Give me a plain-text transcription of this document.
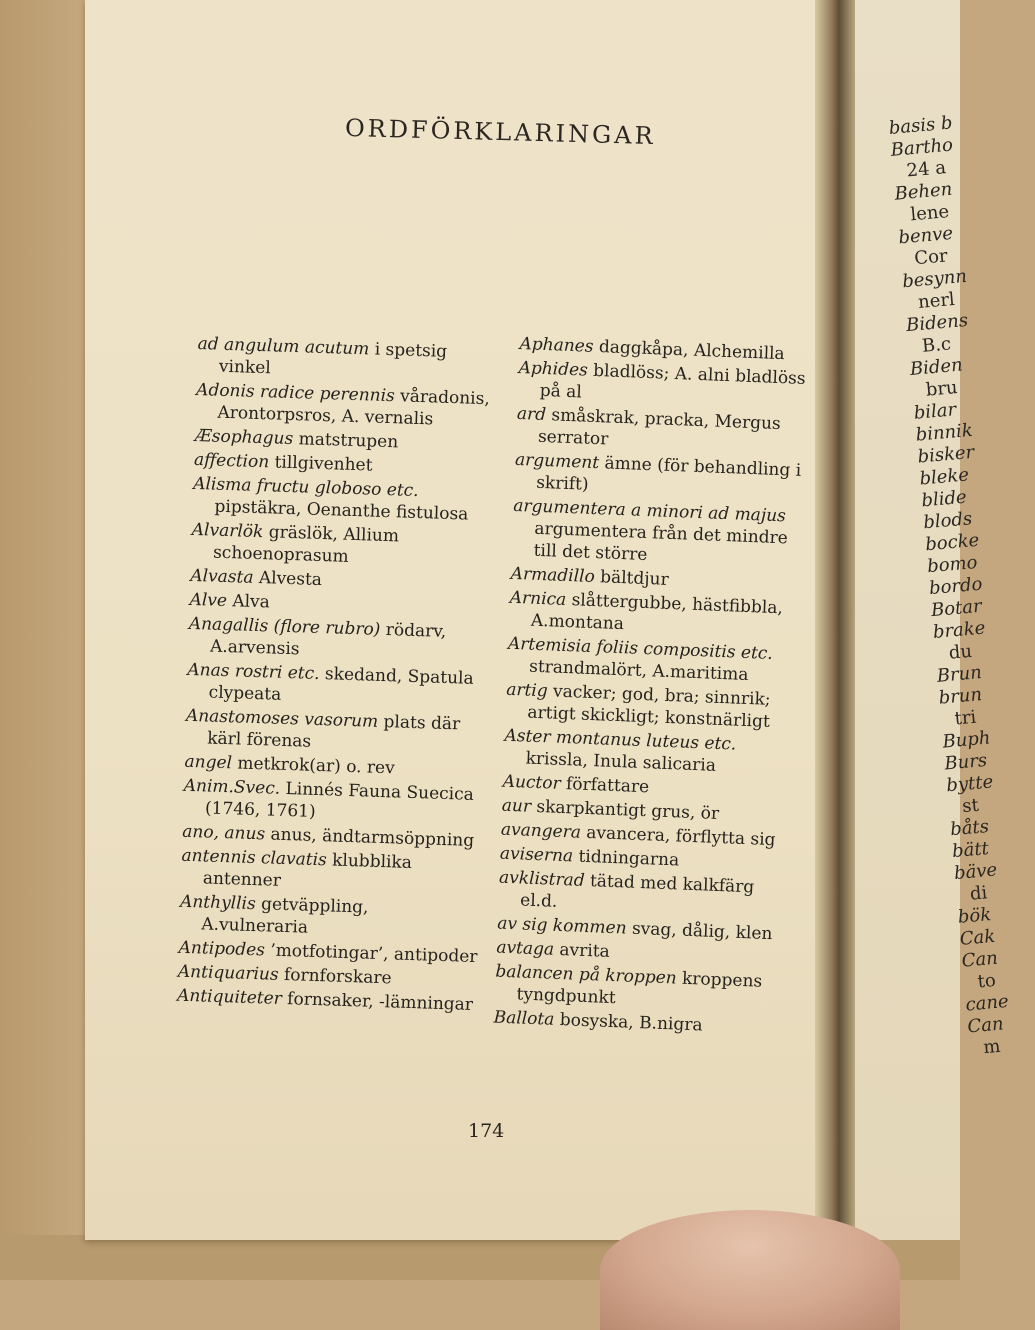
basis b

Bartho

24 a

Behen

lene

benve

Cor

besynn

nerl

Bidens

B.c

Biden

bru

bilar

binnik

bisker

bleke

blide

blods

bocke

bomo

bordo

Botar

brake

du

Brun

brun

tri

Buph

Burs

bytte

st

båts

bätt

bäve

di

bök

Cak

Can

to

cane

Can

m

ORDFÖRKLARINGAR

ad angulum acutum i spetsig vinkel

Adonis radice perennis våradonis, Arontorpsros, A. vernalis

Æsophagus matstrupen

affection tillgivenhet

Alisma fructu globoso etc. pipstäkra, Oenanthe fistulosa

Alvarlök gräslök, Allium schoenoprasum

Alvasta Alvesta

Alve Alva

Anagallis (flore rubro) rödarv, A.arvensis

Anas rostri etc. skedand, Spatula clypeata

Anastomoses vasorum plats där kärl förenas

angel metkrok(ar) o. rev

Anim.Svec. Linnés Fauna Suecica (1746, 1761)

ano, anus anus, ändtarmsöppning

antennis clavatis klubblika antenner

Anthyllis getväppling, A.vulneraria

Antipodes ’motfotingar’, antipoder

Antiquarius fornforskare

Antiquiteter fornsaker, -lämningar

Aphanes daggkåpa, Alchemilla

Aphides bladlöss; A. alni bladlöss på al

ard småskrak, pracka, Mergus serrator

argument ämne (för behandling i skrift)

argumentera a minori ad majus argumentera från det mindre till det större

Armadillo bältdjur

Arnica slåttergubbe, hästfibbla, A.montana

Artemisia foliis compositis etc. strandmalört, A.maritima

artig vacker; god, bra; sinnrik; artigt skickligt; konstnärligt

Aster montanus luteus etc. krissla, Inula salicaria

Auctor författare

aur skarpkantigt grus, ör

avangera avancera, förflytta sig

aviserna tidningarna

avklistrad tätad med kalkfärg el.d.

av sig kommen svag, dålig, klen

avtaga avrita

balancen på kroppen kroppens tyngdpunkt

Ballota bosyska, B.nigra

174
